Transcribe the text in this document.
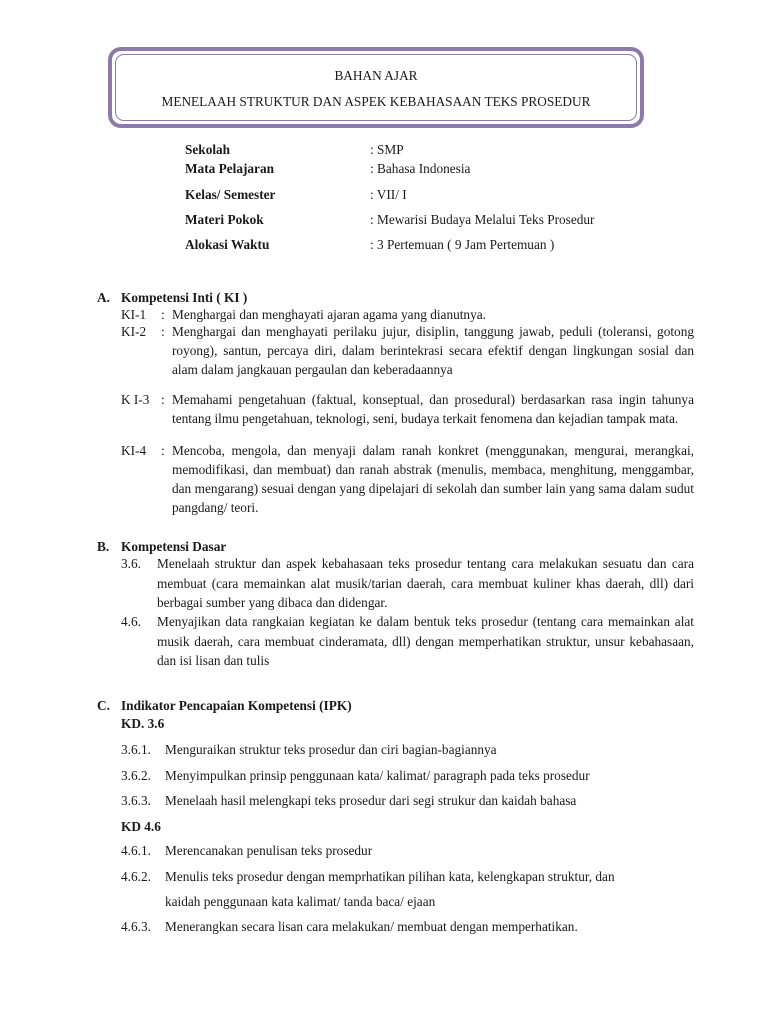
BAHAN AJAR
MENELAAH STRUKTUR DAN ASPEK KEBAHASAAN TEKS PROSEDUR
Sekolah	: SMP
Mata Pelajaran	: Bahasa Indonesia
Kelas/ Semester	: VII/ I
Materi Pokok	: Mewarisi Budaya Melalui Teks Prosedur
Alokasi Waktu	: 3 Pertemuan ( 9 Jam Pertemuan )
A. Kompetensi Inti ( KI )
KI-1 : Menghargai dan menghayati ajaran agama yang dianutnya.
KI-2 : Menghargai dan menghayati perilaku jujur, disiplin, tanggung jawab, peduli (toleransi, gotong royong), santun, percaya diri, dalam berintekrasi secara efektif dengan lingkungan sosial dan alam dalam jangkauan pergaulan dan keberadaannya
K I-3 : Memahami pengetahuan (faktual, konseptual, dan prosedural) berdasarkan rasa ingin tahunya tentang ilmu pengetahuan, teknologi, seni, budaya terkait fenomena dan kejadian tampak mata.
KI-4 : Mencoba, mengola, dan menyaji dalam ranah konkret (menggunakan, mengurai, merangkai, memodifikasi, dan membuat) dan ranah abstrak (menulis, membaca, menghitung, menggambar, dan mengarang) sesuai dengan yang dipelajari di sekolah dan sumber lain yang sama dalam sudut pangdang/ teori.
B. Kompetensi Dasar
3.6. Menelaah struktur dan aspek kebahasaan teks prosedur tentang cara melakukan sesuatu dan cara membuat (cara memainkan alat musik/tarian daerah, cara membuat kuliner khas daerah, dll) dari berbagai sumber yang dibaca dan didengar.
4.6. Menyajikan data rangkaian kegiatan ke dalam bentuk teks prosedur (tentang cara memainkan alat musik daerah, cara membuat cinderamata, dll) dengan memperhatikan struktur, unsur kebahasaan, dan isi lisan dan tulis
C. Indikator Pencapaian Kompetensi (IPK)
KD. 3.6
3.6.1. Menguraikan struktur teks prosedur dan ciri bagian-bagiannya
3.6.2. Menyimpulkan prinsip penggunaan kata/ kalimat/ paragraph pada teks prosedur
3.6.3. Menelaah hasil melengkapi teks prosedur dari segi strukur dan kaidah bahasa
KD 4.6
4.6.1. Merencanakan penulisan teks prosedur
4.6.2. Menulis teks prosedur dengan memprhatikan pilihan kata, kelengkapan struktur, dan
kaidah penggunaan kata kalimat/ tanda baca/ ejaan
4.6.3. Menerangkan secara lisan cara melakukan/ membuat dengan memperhatikan.
